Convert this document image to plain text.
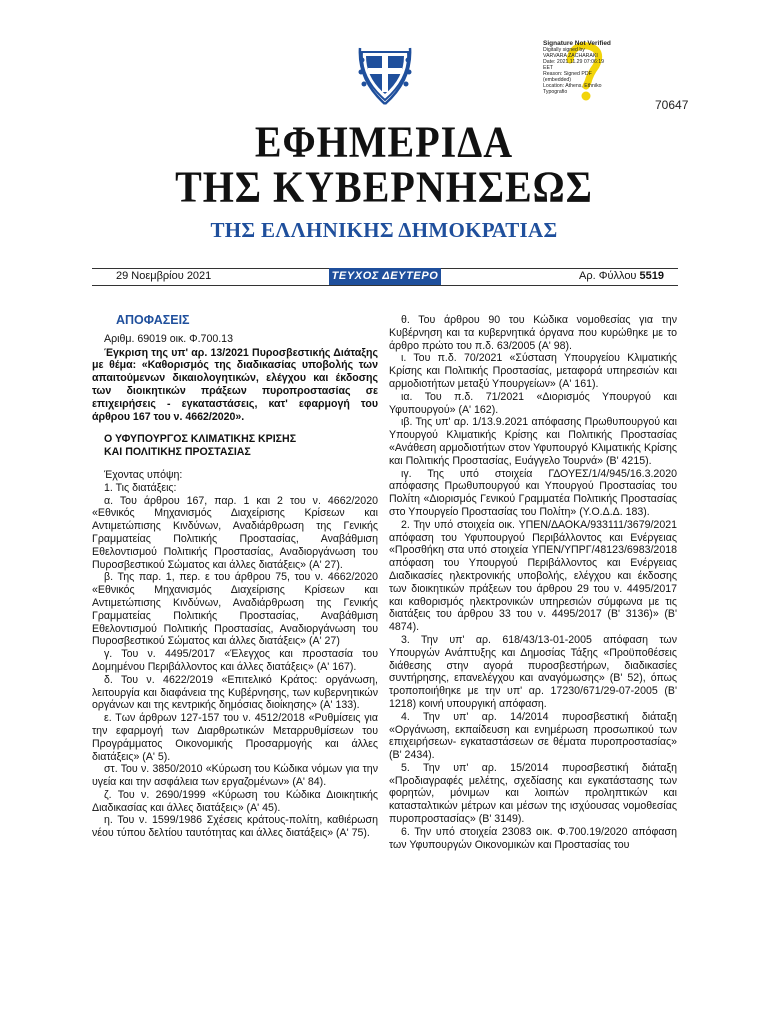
Signature Not Verified
Digitally signed by
VARVARA ZACHARAKI
Date: 2021.11.29 07:06:19
EET
Reason: Signed PDF
(embedded)
Location: Athens, Ethniko
Typografio
70647
ΕΦΗΜΕΡΙΔΑ
ΤΗΣ ΚΥΒΕΡΝΗΣΕΩΣ
ΤΗΣ ΕΛΛΗΝΙΚΗΣ ΔΗΜΟΚΡΑΤΙΑΣ
29 Νοεμβρίου 2021	ΤΕΥΧΟΣ ΔΕΥΤΕΡΟ	Αρ. Φύλλου 5519

ΑΠΟΦΑΣΕΙΣ

Αριθμ. 69019 οικ. Φ.700.13

Έγκριση της υπ' αρ. 13/2021 Πυροσβεστικής Διάταξης με θέμα: «Καθορισμός της διαδικασίας υποβολής των απαιτούμενων δικαιολογητικών, ελέγχου και έκδοσης των διοικητικών πράξεων πυροπροστασίας σε επιχειρήσεις - εγκαταστάσεις, κατ' εφαρμογή του άρθρου 167 του ν. 4662/2020».

Ο ΥΦΥΠΟΥΡΓΟΣ ΚΛΙΜΑΤΙΚΗΣ ΚΡΙΣΗΣ
ΚΑΙ ΠΟΛΙΤΙΚΗΣ ΠΡΟΣΤΑΣΙΑΣ

Έχοντας υπόψη:

1. Τις διατάξεις:

α. Του άρθρου 167, παρ. 1 και 2 του ν. 4662/2020 «Εθνικός Μηχανισμός Διαχείρισης Κρίσεων και Αντιμετώπισης Κινδύνων, Αναδιάρθρωση της Γενικής Γραμματείας Πολιτικής Προστασίας, Αναβάθμιση Εθελοντισμού Πολιτικής Προστασίας, Αναδιοργάνωση του Πυροσβεστικού Σώματος και άλλες διατάξεις» (Α' 27).

β. Της παρ. 1, περ. ε του άρθρου 75, του ν. 4662/2020 «Εθνικός Μηχανισμός Διαχείρισης Κρίσεων και Αντιμετώπισης Κινδύνων, Αναδιάρθρωση της Γενικής Γραμματείας Πολιτικής Προστασίας, Αναβάθμιση Εθελοντισμού Πολιτικής Προστασίας, Αναδιοργάνωση του Πυροσβεστικού Σώματος και άλλες διατάξεις» (Α' 27)

γ. Του ν. 4495/2017 «Έλεγχος και προστασία του Δομημένου Περιβάλλοντος και άλλες διατάξεις» (Α' 167).

δ. Του ν. 4622/2019 «Επιτελικό Κράτος: οργάνωση, λειτουργία και διαφάνεια της Κυβέρνησης, των κυβερνητικών οργάνων και της κεντρικής δημόσιας διοίκησης» (Α' 133).

ε. Των άρθρων 127-157 του ν. 4512/2018 «Ρυθμίσεις για την εφαρμογή των Διαρθρωτικών Μεταρρυθμίσεων του Προγράμματος Οικονομικής Προσαρμογής και άλλες διατάξεις» (Α' 5).

στ. Του ν. 3850/2010 «Κύρωση του Κώδικα νόμων για την υγεία και την ασφάλεια των εργαζομένων» (Α' 84).

ζ. Του ν. 2690/1999 «Κύρωση του Κώδικα Διοικητικής Διαδικασίας και άλλες διατάξεις» (Α' 45).

η. Του ν. 1599/1986 Σχέσεις κράτους-πολίτη, καθιέρωση νέου τύπου δελτίου ταυτότητας και άλλες διατάξεις» (Α' 75).

θ. Του άρθρου 90 του Κώδικα νομοθεσίας για την Κυβέρνηση και τα κυβερνητικά όργανα που κυρώθηκε με το άρθρο πρώτο του π.δ. 63/2005 (Α' 98).

ι. Του π.δ. 70/2021 «Σύσταση Υπουργείου Κλιματικής Κρίσης και Πολιτικής Προστασίας, μεταφορά υπηρεσιών και αρμοδιοτήτων μεταξύ Υπουργείων» (Α' 161).

ια. Του π.δ. 71/2021 «Διορισμός Υπουργού και Υφυπουργού» (Α' 162).

ιβ. Της υπ' αρ. 1/13.9.2021 απόφασης Πρωθυπουργού και Υπουργού Κλιματικής Κρίσης και Πολιτικής Προστασίας «Ανάθεση αρμοδιοτήτων στον Υφυπουργό Κλιματικής Κρίσης και Πολιτικής Προστασίας, Ευάγγελο Τουρνά» (Β' 4215).

ιγ. Της υπό στοιχεία ΓΔΟΥΕΣ/1/4/945/16.3.2020 απόφασης Πρωθυπουργού και Υπουργού Προστασίας του Πολίτη «Διορισμός Γενικού Γραμματέα Πολιτικής Προστασίας στο Υπουργείο Προστασίας του Πολίτη» (Υ.Ο.Δ.Δ. 183).

2. Την υπό στοιχεία οικ. ΥΠΕΝ/ΔΑΟΚΑ/933111/3679/2021 απόφαση του Υφυπουργού Περιβάλλοντος και Ενέργειας «Προσθήκη στα υπό στοιχεία ΥΠΕΝ/ΥΠΡΓ/48123/6983/2018 απόφαση του Υπουργού Περιβάλλοντος και Ενέργειας Διαδικασίες ηλεκτρονικής υποβολής, ελέγχου και έκδοσης των διοικητικών πράξεων του άρθρου 29 του ν. 4495/2017 και καθορισμός ηλεκτρονικών υπηρεσιών σύμφωνα με τις διατάξεις του άρθρου 33 του ν. 4495/2017 (Β' 3136)» (Β' 4874).

3. Την υπ' αρ. 618/43/13-01-2005 απόφαση των Υπουργών Ανάπτυξης και Δημοσίας Τάξης «Προϋποθέσεις διάθεσης στην αγορά πυροσβεστήρων, διαδικασίες συντήρησης, επανελέγχου και αναγόμωσης» (Β' 52), όπως τροποποιήθηκε με την υπ' αρ. 17230/671/29-07-2005 (Β' 1218) κοινή υπουργική απόφαση.

4. Την υπ' αρ. 14/2014 πυροσβεστική διάταξη «Οργάνωση, εκπαίδευση και ενημέρωση προσωπικού των επιχειρήσεων- εγκαταστάσεων σε θέματα πυροπροστασίας» (Β' 2434).

5. Την υπ' αρ. 15/2014 πυροσβεστική διάταξη «Προδιαγραφές μελέτης, σχεδίασης και εγκατάστασης των φορητών, μόνιμων και λοιπών προληπτικών και κατασταλτικών μέτρων και μέσων της ισχύουσας νομοθεσίας πυροπροστασίας» (Β' 3149).

6. Την υπό στοιχεία 23083 οικ. Φ.700.19/2020 απόφαση των Υφυπουργών Οικονομικών και Προστασίας του
